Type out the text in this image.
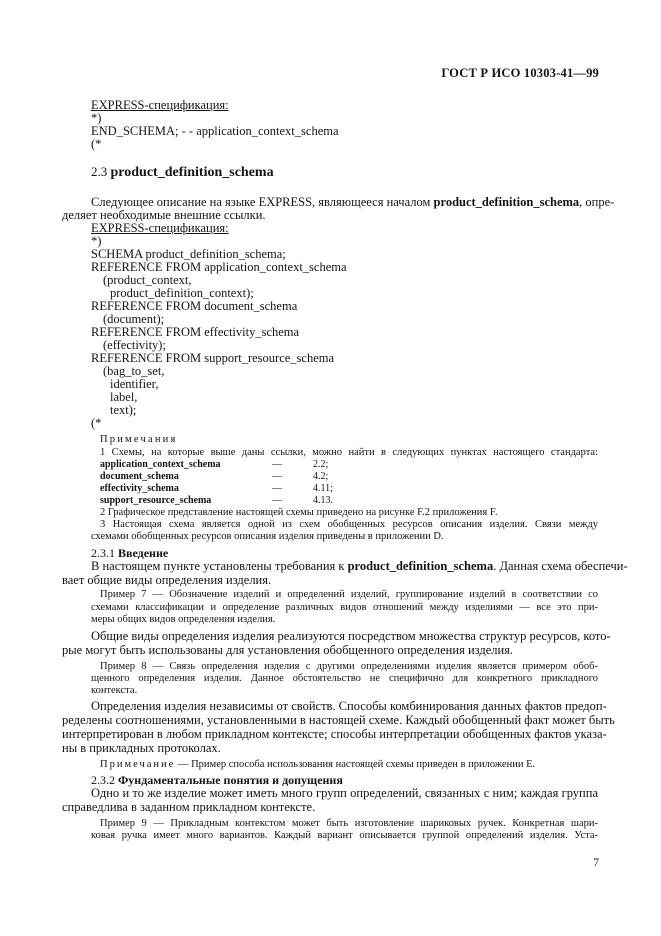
ГОСТ Р ИСО 10303-41—99
EXPRESS-спецификация:
*)
END_SCHEMA; - - application_context_schema
(*
2.3 product_definition_schema
Следующее описание на языке EXPRESS, являющееся началом product_definition_schema, опре-
деляет необходимые внешние ссылки.
EXPRESS-спецификация:
*)
SCHEMA product_definition_schema;
REFERENCE FROM application_context_schema
(product_context,
product_definition_context);
REFERENCE FROM document_schema
(document);
REFERENCE FROM effectivity_schema
(effectivity);
REFERENCE FROM support_resource_schema
(bag_to_set,
identifier,
label,
text);
(*
Примечания
1 Схемы, на которые выше даны ссылки, можно найти в следующих пунктах настоящего стандарта:
application_context_schema	—	2.2;
document_schema	—	4.2;
effectivity_schema	—	4.11;
support_resource_schema	—	4.13.
2 Графическое представление настоящей схемы приведено на рисунке F.2 приложения F.
3 Настоящая схема является одной из схем обобщенных ресурсов описания изделия. Связи между
схемами обобщенных ресурсов описания изделия приведены в приложении D.
2.3.1 Введение
В настоящем пункте установлены требования к product_definition_schema. Данная схема обеспечи-
вает общие виды определения изделия.
Пример 7 — Обозначение изделий и определений изделий, группирование изделий в соответствии со
схемами классификации и определение различных видов отношений между изделиями — все это при-
меры общих видов определения изделия.
Общие виды определения изделия реализуются посредством множества структур ресурсов, кото-
рые могут быть использованы для установления обобщенного определения изделия.
Пример 8 — Связь определения изделия с другими определениями изделия является примером обоб-
щенного определения изделия. Данное обстоятельство не специфично для конкретного прикладного
контекста.
Определения изделия независимы от свойств. Способы комбинирования данных фактов предоп-
ределены соотношениями, установленными в настоящей схеме. Каждый обобщенный факт может быть
интерпретирован в любом прикладном контексте; способы интерпретации обобщенных фактов указа-
ны в прикладных протоколах.
Примечание — Пример способа использования настоящей схемы приведен в приложении E.
2.3.2 Фундаментальные понятия и допущения
Одно и то же изделие может иметь много групп определений, связанных с ним; каждая группа
справедлива в заданном прикладном контексте.
Пример 9 — Прикладным контекстом может быть изготовление шариковых ручек. Конкретная шари-
ковая ручка имеет много вариантов. Каждый вариант описывается группой определений изделия. Уста-
7
